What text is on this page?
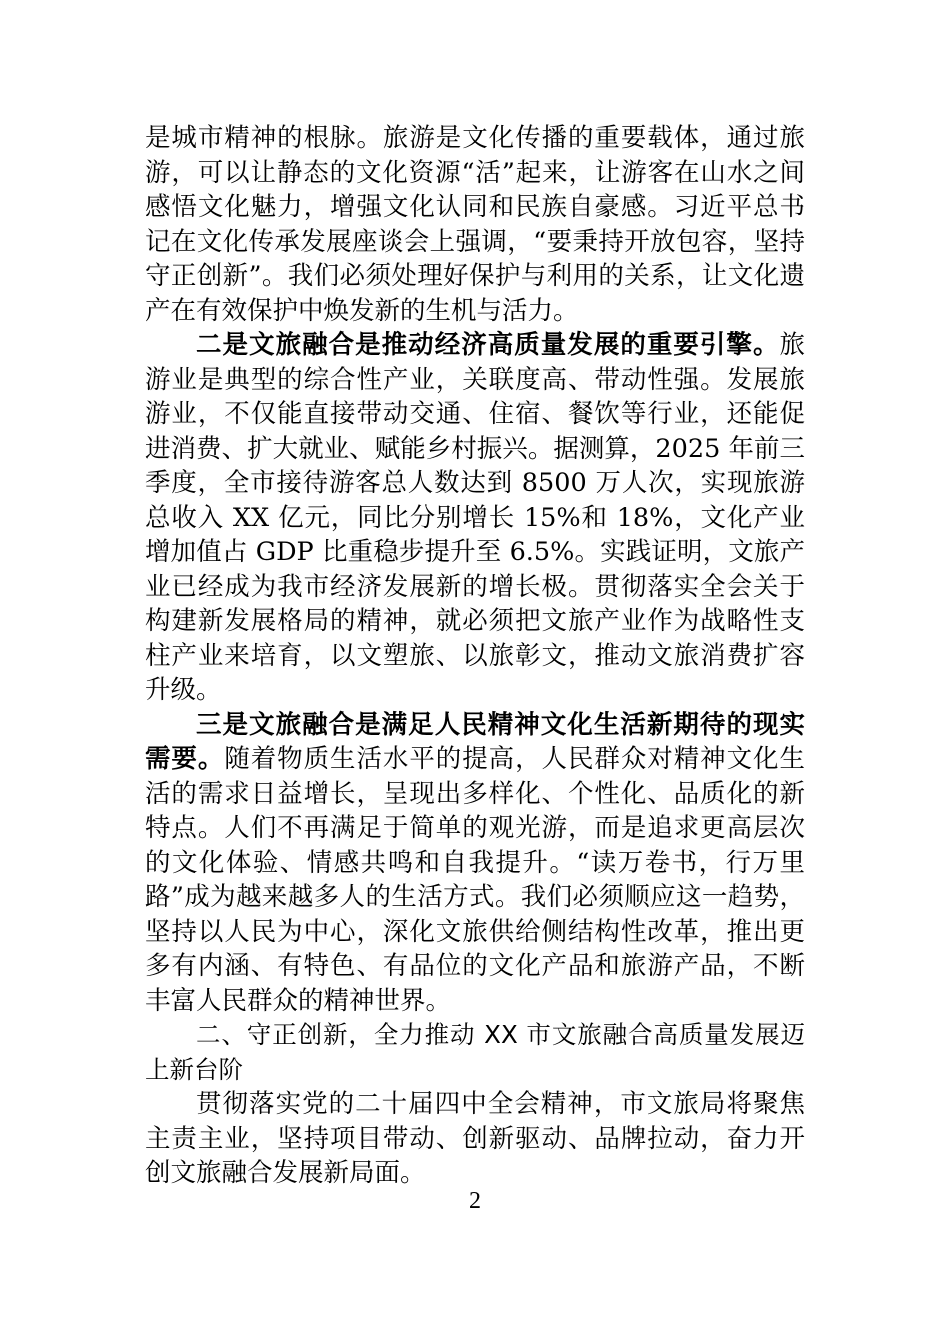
是城市精神的根脉。旅游是文化传播的重要载体，通过旅游，可以让静态的文化资源“活”起来，让游客在山水之间感悟文化魅力，增强文化认同和民族自豪感。习近平总书记在文化传承发展座谈会上强调，“要秉持开放包容，坚持守正创新”。我们必须处理好保护与利用的关系，让文化遗产在有效保护中焕发新的生机与活力。

二是文旅融合是推动经济高质量发展的重要引擎。旅游业是典型的综合性产业，关联度高、带动性强。发展旅游业，不仅能直接带动交通、住宿、餐饮等行业，还能促进消费、扩大就业、赋能乡村振兴。据测算，2025 年前三季度，全市接待游客总人数达到 8500 万人次，实现旅游总收入 XX 亿元，同比分别增长 15%和 18%，文化产业增加值占 GDP 比重稳步提升至 6.5%。实践证明，文旅产业已经成为我市经济发展新的增长极。贯彻落实全会关于构建新发展格局的精神，就必须把文旅产业作为战略性支柱产业来培育，以文塑旅、以旅彰文，推动文旅消费扩容升级。

三是文旅融合是满足人民精神文化生活新期待的现实需要。随着物质生活水平的提高，人民群众对精神文化生活的需求日益增长，呈现出多样化、个性化、品质化的新特点。人们不再满足于简单的观光游，而是追求更高层次的文化体验、情感共鸣和自我提升。“读万卷书，行万里路”成为越来越多人的生活方式。我们必须顺应这一趋势，坚持以人民为中心，深化文旅供给侧结构性改革，推出更多有内涵、有特色、有品位的文化产品和旅游产品，不断丰富人民群众的精神世界。

二、守正创新，全力推动 XX 市文旅融合高质量发展迈上新台阶

贯彻落实党的二十届四中全会精神，市文旅局将聚焦主责主业，坚持项目带动、创新驱动、品牌拉动，奋力开创文旅融合发展新局面。

2
